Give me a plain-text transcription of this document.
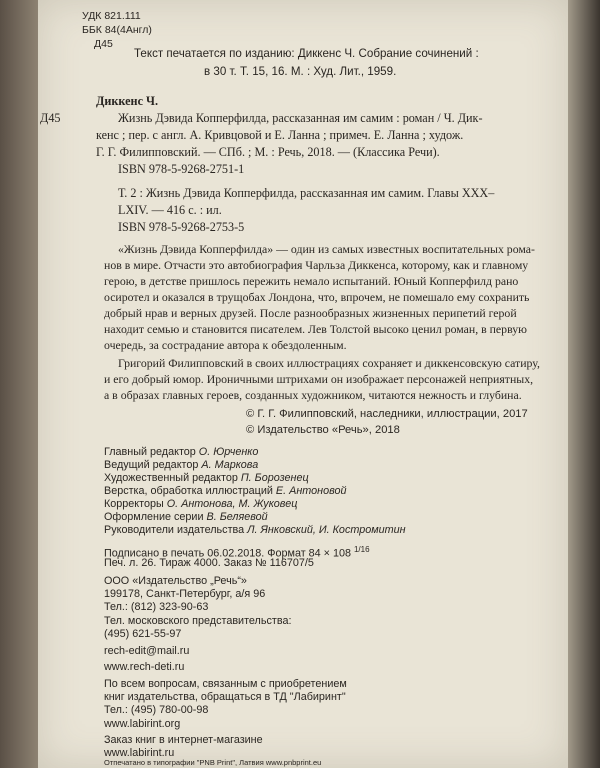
УДК 821.111
ББК 84(4Англ)
Д45
Текст печатается по изданию: Диккенс Ч. Собрание сочинений :
в 30 т. Т. 15, 16. М. : Худ. Лит., 1959.
Диккенс Ч.
Д45	Жизнь Дэвида Копперфилда, рассказанная им самим : роман / Ч. Дик-
кенс ; пер. с англ. А. Кривцовой и Е. Ланна ; примеч. Е. Ланна ; худож.
Г. Г. Филипповский. — СПб. ; М. : Речь, 2018. — (Классика Речи).
ISBN 978-5-9268-2751-1
Т. 2 : Жизнь Дэвида Копперфилда, рассказанная им самим. Главы XXX–
LXIV. — 416 с. : ил.
ISBN 978-5-9268-2753-5
«Жизнь Дэвида Копперфилда» — один из самых известных воспитательных рома-
нов в мире. Отчасти это автобиография Чарльза Диккенса, которому, как и главному
герою, в детстве пришлось пережить немало испытаний. Юный Копперфилд рано
осиротел и оказался в трущобах Лондона, что, впрочем, не помешало ему сохранить
добрый нрав и верных друзей. После разнообразных жизненных перипетий герой
находит семью и становится писателем. Лев Толстой высоко ценил роман, в первую
очередь, за сострадание автора к обездоленным.
Григорий Филипповский в своих иллюстрациях сохраняет и диккенсовскую сатиру,
и его добрый юмор. Ироничными штрихами он изображает персонажей неприятных,
а в образах главных героев, созданных художником, читаются нежность и глубина.
© Г. Г. Филипповский, наследники, иллюстрации, 2017
© Издательство «Речь», 2018
Главный редактор О. Юрченко
Ведущий редактор А. Маркова
Художественный редактор П. Борозенец
Верстка, обработка иллюстраций Е. Антоновой
Корректоры О. Антонова, М. Жуковец
Оформление серии В. Беляевой
Руководители издательства Л. Янковский, И. Костромитин
Подписано в печать 06.02.2018. Формат 84 × 108 $^{1/16}$
Печ. л. 26. Тираж 4000. Заказ № 116707/5
ООО «Издательство „Речь“»
199178, Санкт-Петербург, а/я 96
Тел.: (812) 323-90-63
Тел. московского представительства:
(495) 621-55-97
rech-edit@mail.ru
www.rech-deti.ru
По всем вопросам, связанным с приобретением
книг издательства, обращаться в ТД "Лабиринт"
Тел.: (495) 780-00-98
www.labirint.org
Заказ книг в интернет-магазине
www.labirint.ru
Отпечатано в типографии "PNB Print", Латвия www.pnbprint.eu
